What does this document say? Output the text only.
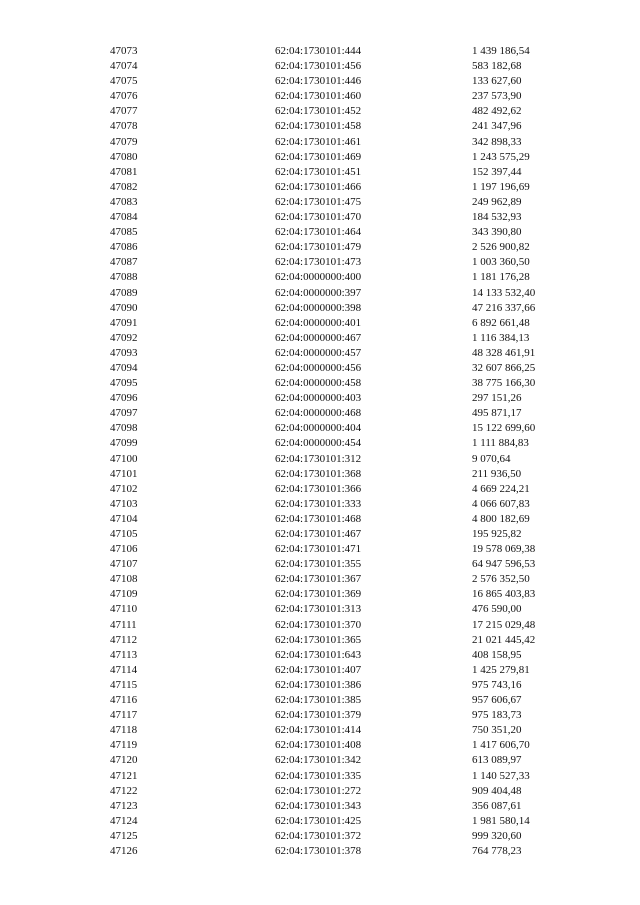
47073	62:04:1730101:444	1 439 186,54
47074	62:04:1730101:456	583 182,68
47075	62:04:1730101:446	133 627,60
47076	62:04:1730101:460	237 573,90
47077	62:04:1730101:452	482 492,62
47078	62:04:1730101:458	241 347,96
47079	62:04:1730101:461	342 898,33
47080	62:04:1730101:469	1 243 575,29
47081	62:04:1730101:451	152 397,44
47082	62:04:1730101:466	1 197 196,69
47083	62:04:1730101:475	249 962,89
47084	62:04:1730101:470	184 532,93
47085	62:04:1730101:464	343 390,80
47086	62:04:1730101:479	2 526 900,82
47087	62:04:1730101:473	1 003 360,50
47088	62:04:0000000:400	1 181 176,28
47089	62:04:0000000:397	14 133 532,40
47090	62:04:0000000:398	47 216 337,66
47091	62:04:0000000:401	6 892 661,48
47092	62:04:0000000:467	1 116 384,13
47093	62:04:0000000:457	48 328 461,91
47094	62:04:0000000:456	32 607 866,25
47095	62:04:0000000:458	38 775 166,30
47096	62:04:0000000:403	297 151,26
47097	62:04:0000000:468	495 871,17
47098	62:04:0000000:404	15 122 699,60
47099	62:04:0000000:454	1 111 884,83
47100	62:04:1730101:312	9 070,64
47101	62:04:1730101:368	211 936,50
47102	62:04:1730101:366	4 669 224,21
47103	62:04:1730101:333	4 066 607,83
47104	62:04:1730101:468	4 800 182,69
47105	62:04:1730101:467	195 925,82
47106	62:04:1730101:471	19 578 069,38
47107	62:04:1730101:355	64 947 596,53
47108	62:04:1730101:367	2 576 352,50
47109	62:04:1730101:369	16 865 403,83
47110	62:04:1730101:313	476 590,00
47111	62:04:1730101:370	17 215 029,48
47112	62:04:1730101:365	21 021 445,42
47113	62:04:1730101:643	408 158,95
47114	62:04:1730101:407	1 425 279,81
47115	62:04:1730101:386	975 743,16
47116	62:04:1730101:385	957 606,67
47117	62:04:1730101:379	975 183,73
47118	62:04:1730101:414	750 351,20
47119	62:04:1730101:408	1 417 606,70
47120	62:04:1730101:342	613 089,97
47121	62:04:1730101:335	1 140 527,33
47122	62:04:1730101:272	909 404,48
47123	62:04:1730101:343	356 087,61
47124	62:04:1730101:425	1 981 580,14
47125	62:04:1730101:372	999 320,60
47126	62:04:1730101:378	764 778,23
